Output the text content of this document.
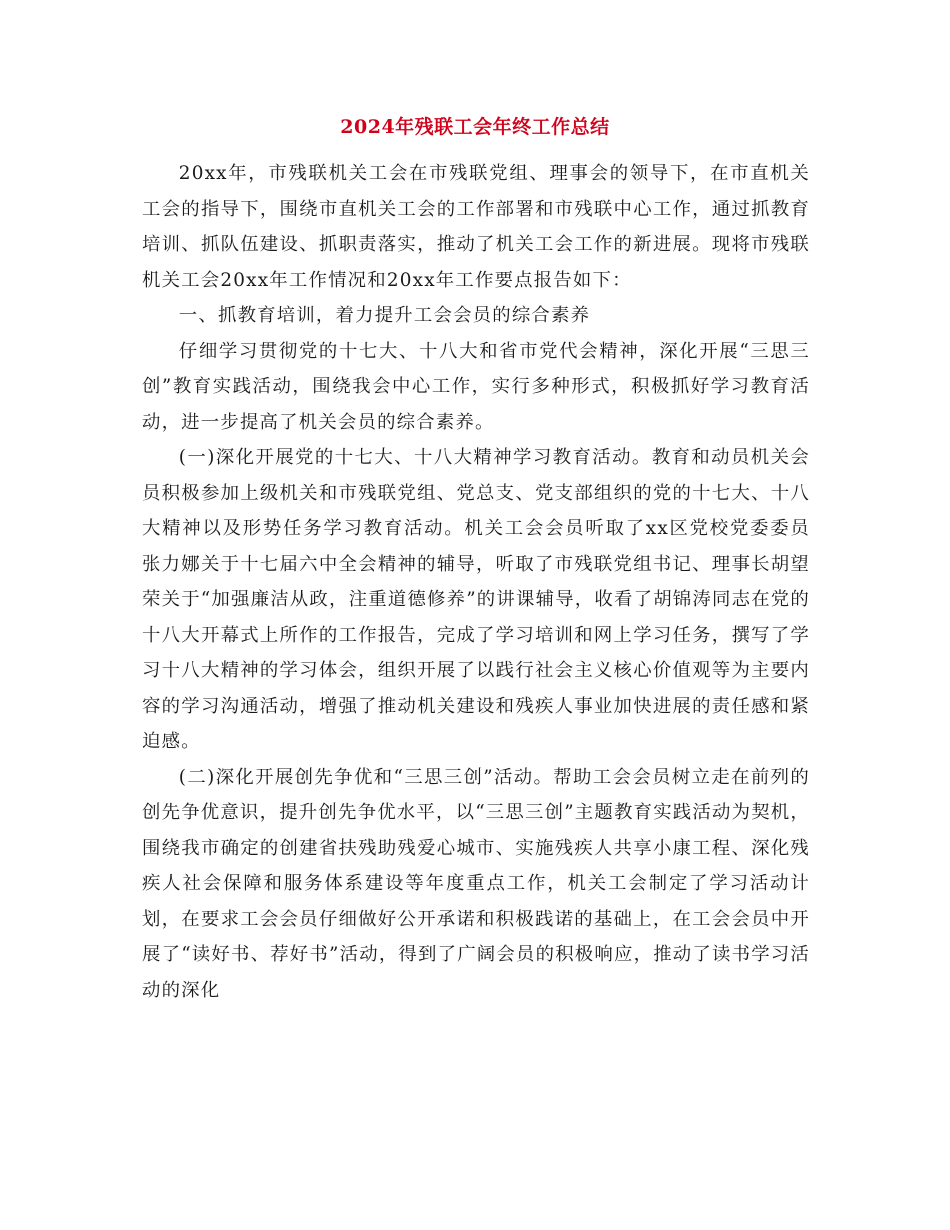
2024年残联工会年终工作总结

20xx年，市残联机关工会在市残联党组、理事会的领导下，在市直机关工会的指导下，围绕市直机关工会的工作部署和市残联中心工作，通过抓教育培训、抓队伍建设、抓职责落实，推动了机关工会工作的新进展。现将市残联机关工会20xx年工作情况和20xx年工作要点报告如下：

一、抓教育培训，着力提升工会会员的综合素养

仔细学习贯彻党的十七大、十八大和省市党代会精神，深化开展“三思三创”教育实践活动，围绕我会中心工作，实行多种形式，积极抓好学习教育活动，进一步提高了机关会员的综合素养。

(一)深化开展党的十七大、十八大精神学习教育活动。教育和动员机关会员积极参加上级机关和市残联党组、党总支、党支部组织的党的十七大、十八大精神以及形势任务学习教育活动。机关工会会员听取了xx区党校党委委员张力娜关于十七届六中全会精神的辅导，听取了市残联党组书记、理事长胡望荣关于“加强廉洁从政，注重道德修养”的讲课辅导，收看了胡锦涛同志在党的十八大开幕式上所作的工作报告，完成了学习培训和网上学习任务，撰写了学习十八大精神的学习体会，组织开展了以践行社会主义核心价值观等为主要内容的学习沟通活动，增强了推动机关建设和残疾人事业加快进展的责任感和紧迫感。

(二)深化开展创先争优和“三思三创”活动。帮助工会会员树立走在前列的创先争优意识，提升创先争优水平，以“三思三创”主题教育实践活动为契机，围绕我市确定的创建省扶残助残爱心城市、实施残疾人共享小康工程、深化残疾人社会保障和服务体系建设等年度重点工作，机关工会制定了学习活动计划，在要求工会会员仔细做好公开承诺和积极践诺的基础上，在工会会员中开展了“读好书、荐好书”活动，得到了广阔会员的积极响应，推动了读书学习活动的深化
